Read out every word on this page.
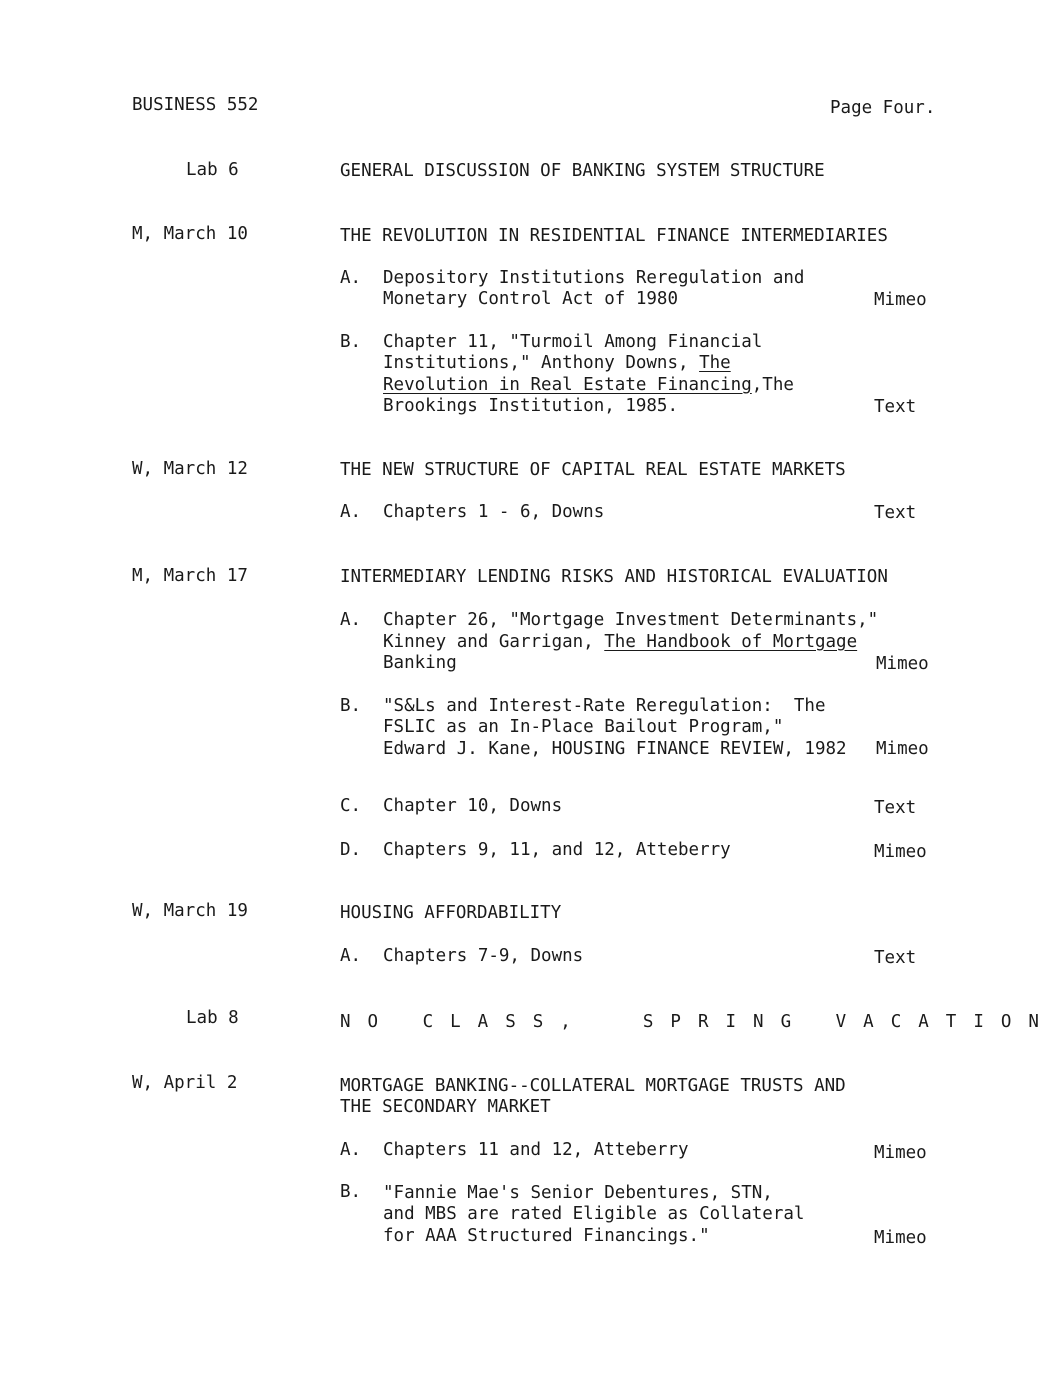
BUSINESS 552	Page Four.
Lab 6	GENERAL DISCUSSION OF BANKING SYSTEM STRUCTURE
M, March 10	THE REVOLUTION IN RESIDENTIAL FINANCE INTERMEDIARIES
A. Depository Institutions Reregulation and
Monetary Control Act of 1980	Mimeo
B. Chapter 11, "Turmoil Among Financial
Institutions," Anthony Downs, The
Revolution in Real Estate Financing,The
Brookings Institution, 1985.	Text
W, March 12	THE NEW STRUCTURE OF CAPITAL REAL ESTATE MARKETS
A. Chapters 1 - 6, Downs	Text
M, March 17	INTERMEDIARY LENDING RISKS AND HISTORICAL EVALUATION
A. Chapter 26, "Mortgage Investment Determinants,"
Kinney and Garrigan, The Handbook of Mortgage
Banking	Mimeo
B. "S&Ls and Interest-Rate Reregulation:  The
FSLIC as an In-Place Bailout Program,"
Edward J. Kane, HOUSING FINANCE REVIEW, 1982 Mimeo
C. Chapter 10, Downs	Text
D. Chapters 9, 11, and 12, Atteberry	Mimeo
W, March 19	HOUSING AFFORDABILITY
A. Chapters 7-9, Downs	Text
Lab 8	NO CLASS,  SPRING VACATION
W, April 2	MORTGAGE BANKING--COLLATERAL MORTGAGE TRUSTS AND
THE SECONDARY MARKET
A. Chapters 11 and 12, Atteberry	Mimeo
B. "Fannie Mae's Senior Debentures, STN,
and MBS are rated Eligible as Collateral
for AAA Structured Financings."	Mimeo
